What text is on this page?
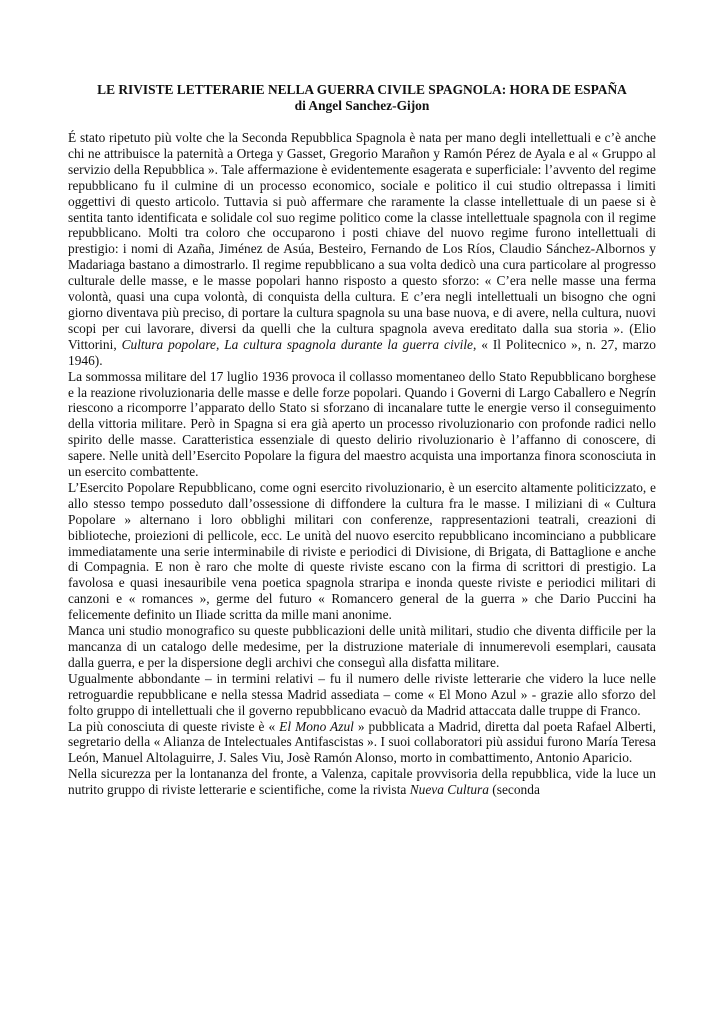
LE RIVISTE LETTERARIE NELLA GUERRA CIVILE SPAGNOLA: HORA DE ESPAÑA

di Angel Sanchez-Gijon

É stato ripetuto più volte che la Seconda Repubblica Spagnola è nata per mano degli intellettuali e c’è anche chi ne attribuisce la paternità a Ortega y Gasset, Gregorio Marañon y Ramón Pérez de Ayala e al « Gruppo al servizio della Repubblica ». Tale affermazione è evidentemente esagerata e superficiale: l’avvento del regime repubblicano fu il culmine di un processo economico, sociale e politico il cui studio oltrepassa i limiti oggettivi di questo articolo. Tuttavia si può affermare che raramente la classe intellettuale di un paese si è sentita tanto identificata e solidale col suo regime politico come la classe intellettuale spagnola con il regime repubblicano. Molti tra coloro che occuparono i posti chiave del nuovo regime furono intellettuali di prestigio: i nomi di Azaña, Jiménez de Asúa, Besteiro, Fernando de Los Ríos, Claudio Sánchez-Albornos y Madariaga bastano a dimostrarlo. Il regime repubblicano a sua volta dedicò una cura particolare al progresso culturale delle masse, e le masse popolari hanno risposto a questo sforzo: « C’era nelle masse una ferma volontà, quasi una cupa volontà, di conquista della cultura. E c’era negli intellettuali un bisogno che ogni giorno diventava più preciso, di portare la cultura spagnola su una base nuova, e di avere, nella cultura, nuovi scopi per cui lavorare, diversi da quelli che la cultura spagnola aveva ereditato dalla sua storia ». (Elio Vittorini, Cultura popolare, La cultura spagnola durante la guerra civile, « Il Politecnico », n. 27, marzo 1946).

La sommossa militare del 17 luglio 1936 provoca il collasso momentaneo dello Stato Repubblicano borghese e la reazione rivoluzionaria delle masse e delle forze popolari. Quando i Governi di Largo Caballero e Negrín riescono a ricomporre l’apparato dello Stato si sforzano di incanalare tutte le energie verso il conseguimento della vittoria militare. Però in Spagna si era già aperto un processo rivoluzionario con profonde radici nello spirito delle masse. Caratteristica essenziale di questo delirio rivoluzionario è l’affanno di conoscere, di sapere. Nelle unità dell’Esercito Popolare la figura del maestro acquista una importanza finora sconosciuta in un esercito combattente.

L’Esercito Popolare Repubblicano, come ogni esercito rivoluzionario, è un esercito altamente politicizzato, e allo stesso tempo posseduto dall’ossessione di diffondere la cultura fra le masse. I miliziani di « Cultura Popolare » alternano i loro obblighi militari con conferenze, rappresentazioni teatrali, creazioni di biblioteche, proiezioni di pellicole, ecc. Le unità del nuovo esercito repubblicano incominciano a pubblicare immediatamente una serie interminabile di riviste e periodici di Divisione, di Brigata, di Battaglione e anche di Compagnia. E non è raro che molte di queste riviste escano con la firma di scrittori di prestigio. La favolosa e quasi inesauribile vena poetica spagnola straripa e inonda queste riviste e periodici militari di canzoni e « romances », germe del futuro « Romancero general de la guerra » che Dario Puccini ha felicemente definito un Iliade scritta da mille mani anonime.

Manca uni studio monografico su queste pubblicazioni delle unità militari, studio che diventa difficile per la mancanza di un catalogo delle medesime, per la distruzione materiale di innumerevoli esemplari, causata dalla guerra, e per la dispersione degli archivi che conseguì alla disfatta militare.

Ugualmente abbondante – in termini relativi – fu il numero delle riviste letterarie che videro la luce nelle retroguardie repubblicane e nella stessa Madrid assediata – come « El Mono Azul » - grazie allo sforzo del folto gruppo di intellettuali che il governo repubblicano evacuò da Madrid attaccata dalle truppe di Franco.

La più conosciuta di queste riviste è « El Mono Azul » pubblicata a Madrid, diretta dal poeta Rafael Alberti, segretario della « Alianza de Intelectuales Antifascistas ». I suoi collaboratori più assidui furono María Teresa León, Manuel Altolaguirre, J. Sales Viu, Josè Ramón Alonso, morto in combattimento, Antonio Aparicio.

Nella sicurezza per la lontananza del fronte, a Valenza, capitale provvisoria della repubblica, vide la luce un nutrito gruppo di riviste letterarie e scientifiche, come la rivista Nueva Cultura (seconda
